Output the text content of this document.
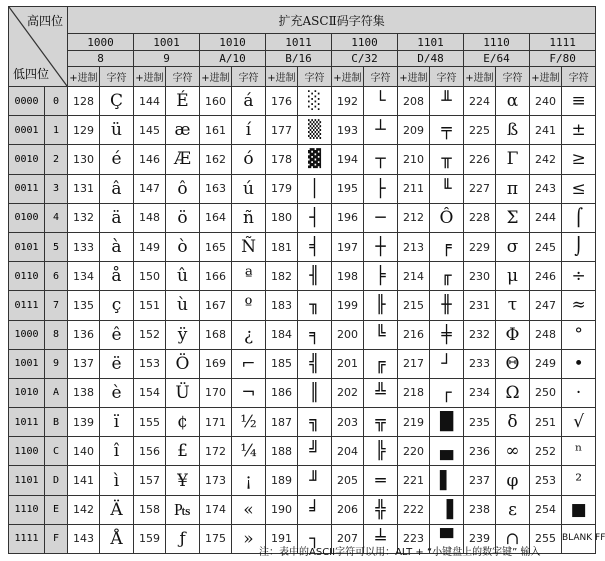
高四位
低四位		扩充ASCⅡ码字符集															
		1000		1001		1010		1011		1100		1101		1110		1111	
		8		9		A/10		B/16		C/32		D/48		E/64		F/80	
		+进制	字符	+进制	字符	+进制	字符	+进制	字符	+进制	字符	+进制	字符	+进制	字符	+进制	字符
0000	0	128	Ç	144	É	160	á	176	░	192	└	208	╨	224	α	240	≡
0001	1	129	ü	145	æ	161	í	177	▒	193	┴	209	╤	225	ß	241	±
0010	2	130	é	146	Æ	162	ó	178	▓	194	┬	210	╥	226	Γ	242	≥
0011	3	131	â	147	ô	163	ú	179	│	195	├	211	╙	227	π	243	≤
0100	4	132	ä	148	ö	164	ñ	180	┤	196	─	212	Ô	228	Σ	244	⌠
0101	5	133	à	149	ò	165	Ñ	181	╡	197	┼	213	╒	229	σ	245	⌡
0110	6	134	å	150	û	166	ª	182	╢	198	╞	214	╓	230	μ	246	÷
0111	7	135	ç	151	ù	167	º	183	╖	199	╟	215	╫	231	τ	247	≈
1000	8	136	ê	152	ÿ	168	¿	184	╕	200	╚	216	╪	232	Φ	248	°
1001	9	137	ë	153	Ö	169	⌐	185	╣	201	╔	217	┘	233	Θ	249	•
1010	A	138	è	154	Ü	170	¬	186	║	202	╩	218	┌	234	Ω	250	·
1011	B	139	ï	155	¢	171	½	187	╗	203	╦	219	█	235	δ	251	√
1100	C	140	î	156	£	172	¼	188	╝	204	╠	220	▄	236	∞	252	ⁿ
1101	D	141	ì	157	¥	173	¡	189	╜	205	═	221	▌	237	φ	253	²
1110	E	142	Ä	158	₧	174	«	190	╛	206	╬	222	▐	238	ε	254	■
1111	F	143	Å	159	ƒ	175	»	191	┐	207	╧	223	▀	239	∩	255	BLANK FF
注：表中的ASCII字符可以用：ALT + “小键盘上的数字键” 输入
